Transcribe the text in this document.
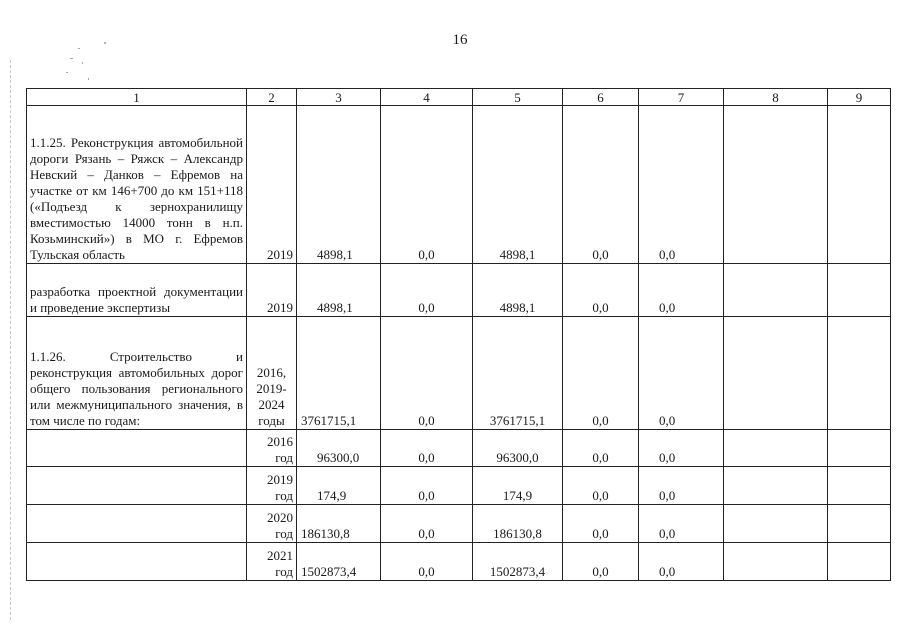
16
1	2	3	4	5	6	7	8	9
1.1.25. Реконструкция автомобильной дороги Рязань – Ряжск – Александр Невский – Данков – Ефремов на участке от км 146+700 до км 151+118 («Подъезд к зернохранилищу вместимостью 14000 тонн в н.п. Козьминский») в МО г. Ефремов Тульская область	2019	4898,1	0,0	4898,1	0,0	0,0		
разработка проектной документации и проведение экспертизы	2019	4898,1	0,0	4898,1	0,0	0,0		
1.1.26. Строительство и реконструкция автомобильных дорог общего пользования регионального или межмуниципального значения, в том числе по годам:	2016, 2019-2024 годы	3761715,1	0,0	3761715,1	0,0	0,0		
	2016 год	96300,0	0,0	96300,0	0,0	0,0		
	2019 год	174,9	0,0	174,9	0,0	0,0		
	2020 год	186130,8	0,0	186130,8	0,0	0,0		
	2021 год	1502873,4	0,0	1502873,4	0,0	0,0		
